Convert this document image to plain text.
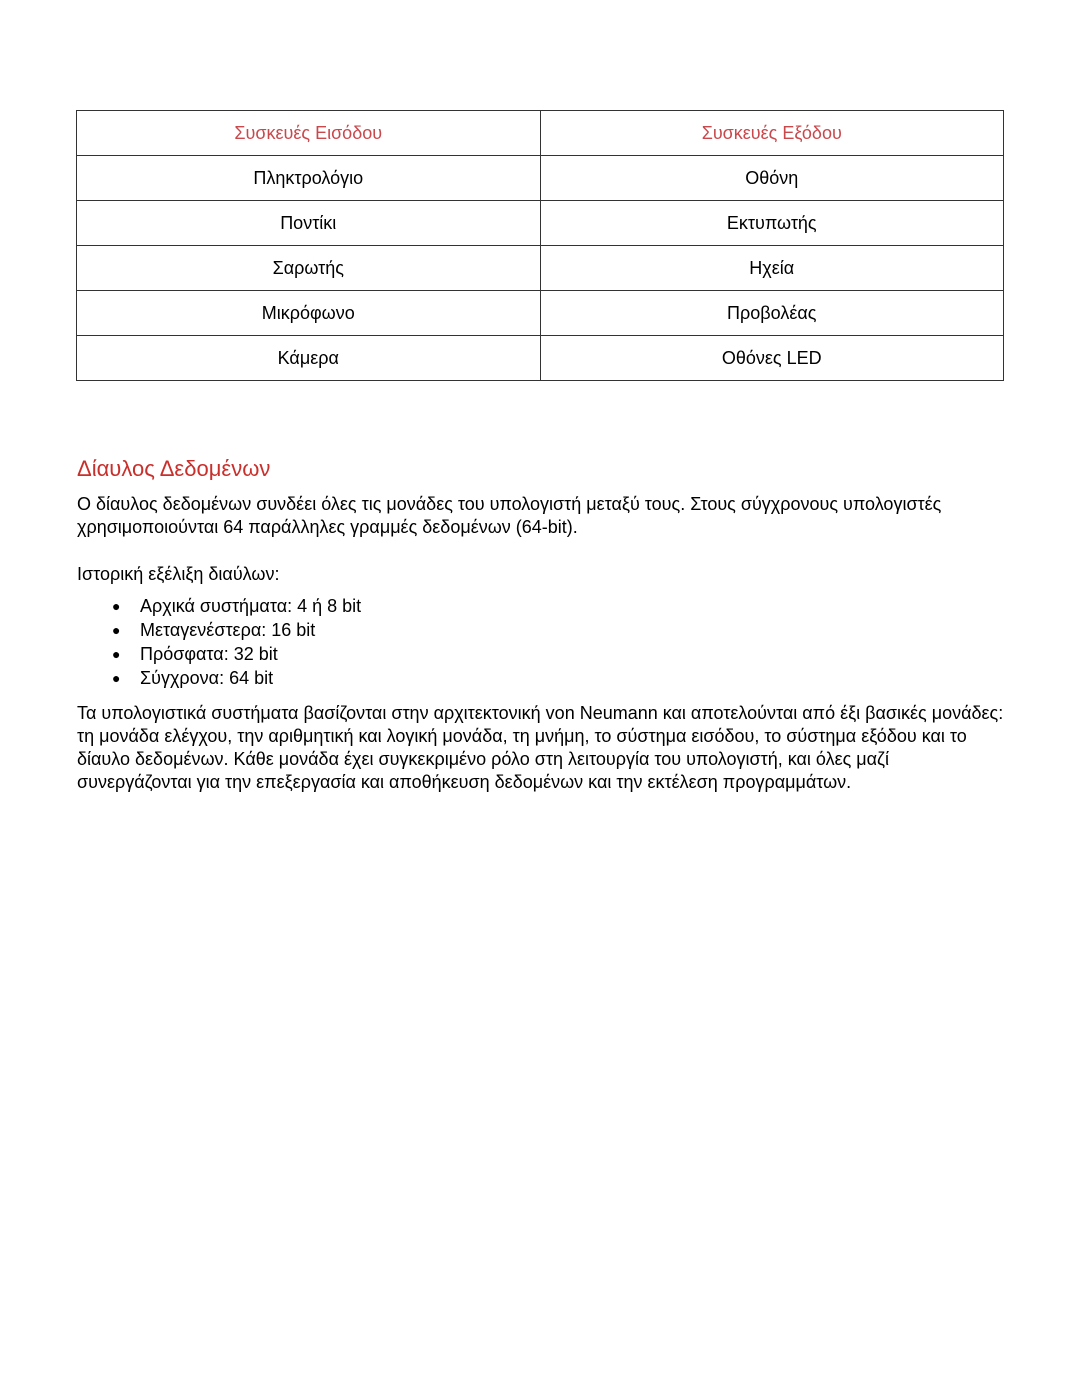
Συσκευές Εισόδου	Συσκευές Εξόδου
Πληκτρολόγιο	Οθόνη
Ποντίκι	Εκτυπωτής
Σαρωτής	Ηχεία
Μικρόφωνο	Προβολέας
Κάμερα	Οθόνες LED
Δίαυλος Δεδομένων

Ο δίαυλος δεδομένων συνδέει όλες τις μονάδες του υπολογιστή μεταξύ τους. Στους σύγχρονους υπολογιστές χρησιμοποιούνται 64 παράλληλες γραμμές δεδομένων (64-bit).

Ιστορική εξέλιξη διαύλων:

● Αρχικά συστήματα: 4 ή 8 bit
● Μεταγενέστερα: 16 bit
● Πρόσφατα: 32 bit
● Σύγχρονα: 64 bit

Τα υπολογιστικά συστήματα βασίζονται στην αρχιτεκτονική von Neumann και αποτελούνται από έξι βασικές μονάδες: τη μονάδα ελέγχου, την αριθμητική και λογική μονάδα, τη μνήμη, το σύστημα εισόδου, το σύστημα εξόδου και το δίαυλο δεδομένων. Κάθε μονάδα έχει συγκεκριμένο ρόλο στη λειτουργία του υπολογιστή, και όλες μαζί συνεργάζονται για την επεξεργασία και αποθήκευση δεδομένων και την εκτέλεση προγραμμάτων.
